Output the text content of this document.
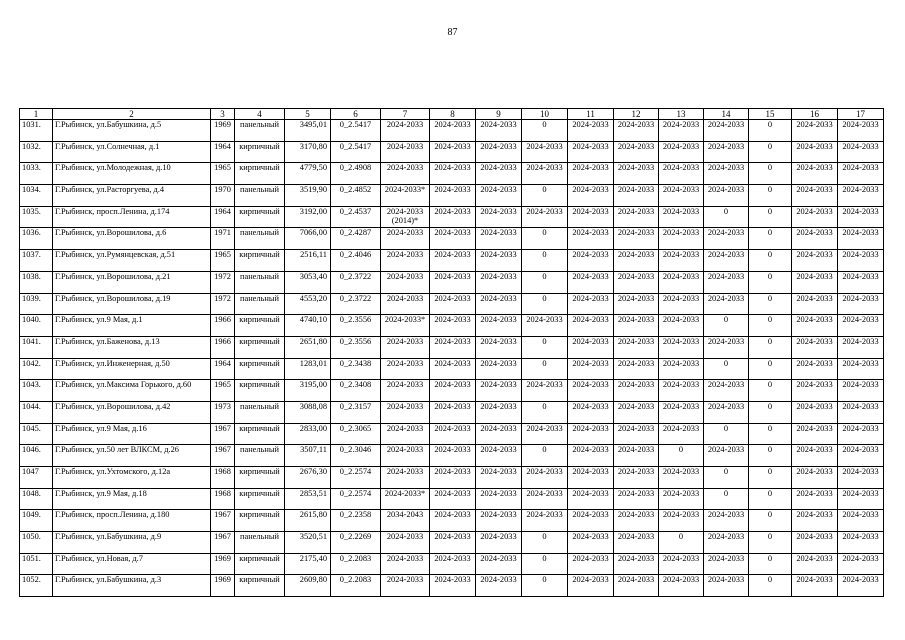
87
1	2	3	4	5	6	7	8	9	10	11	12	13	14	15	16	17
1031.	Г.Рыбинск, ул.Бабушкина, д.5	1969	панельный	3495,01	0_2.5417	2024-2033	2024-2033	2024-2033	0	2024-2033	2024-2033	2024-2033	2024-2033	0	2024-2033	2024-2033
1032.	Г.Рыбинск, ул.Солнечная, д.1	1964	кирпичный	3170,80	0_2.5417	2024-2033	2024-2033	2024-2033	2024-2033	2024-2033	2024-2033	2024-2033	2024-2033	0	2024-2033	2024-2033
1033.	Г.Рыбинск, ул.Молодежная, д.10	1965	кирпичный	4779,50	0_2.4908	2024-2033	2024-2033	2024-2033	2024-2033	2024-2033	2024-2033	2024-2033	2024-2033	0	2024-2033	2024-2033
1034.	Г.Рыбинск, ул.Расторгуева, д.4	1970	панельный	3519,90	0_2.4852	2024-2033*	2024-2033	2024-2033	0	2024-2033	2024-2033	2024-2033	2024-2033	0	2024-2033	2024-2033
1035.	Г.Рыбинск, просп.Ленина, д.174	1964	кирпичный	3192,00	0_2.4537	2024-2033 (2014)*	2024-2033	2024-2033	2024-2033	2024-2033	2024-2033	2024-2033	0	0	2024-2033	2024-2033
1036.	Г.Рыбинск, ул.Ворошилова, д.6	1971	панельный	7066,00	0_2.4287	2024-2033	2024-2033	2024-2033	0	2024-2033	2024-2033	2024-2033	2024-2033	0	2024-2033	2024-2033
1037.	Г.Рыбинск, ул.Румянцевская, д.51	1965	кирпичный	2516,11	0_2.4046	2024-2033	2024-2033	2024-2033	0	2024-2033	2024-2033	2024-2033	2024-2033	0	2024-2033	2024-2033
1038.	Г.Рыбинск, ул.Ворошилова, д.21	1972	панельный	3053,40	0_2.3722	2024-2033	2024-2033	2024-2033	0	2024-2033	2024-2033	2024-2033	2024-2033	0	2024-2033	2024-2033
1039.	Г.Рыбинск, ул.Ворошилова, д.19	1972	панельный	4553,20	0_2.3722	2024-2033	2024-2033	2024-2033	0	2024-2033	2024-2033	2024-2033	2024-2033	0	2024-2033	2024-2033
1040.	Г.Рыбинск, ул.9 Мая, д.1	1966	кирпичный	4740,10	0_2.3556	2024-2033*	2024-2033	2024-2033	2024-2033	2024-2033	2024-2033	2024-2033	0	0	2024-2033	2024-2033
1041.	Г.Рыбинск, ул.Баженова, д.13	1966	кирпичный	2651,80	0_2.3556	2024-2033	2024-2033	2024-2033	0	2024-2033	2024-2033	2024-2033	2024-2033	0	2024-2033	2024-2033
1042.	Г.Рыбинск, ул.Инженерная, д.50	1964	кирпичный	1283,01	0_2.3438	2024-2033	2024-2033	2024-2033	0	2024-2033	2024-2033	2024-2033	0	0	2024-2033	2024-2033
1043.	Г.Рыбинск, ул.Максима Горького, д.60	1965	кирпичный	3195,00	0_2.3408	2024-2033	2024-2033	2024-2033	2024-2033	2024-2033	2024-2033	2024-2033	2024-2033	0	2024-2033	2024-2033
1044.	Г.Рыбинск, ул.Ворошилова, д.42	1973	панельный	3088,08	0_2.3157	2024-2033	2024-2033	2024-2033	0	2024-2033	2024-2033	2024-2033	2024-2033	0	2024-2033	2024-2033
1045.	Г.Рыбинск, ул.9 Мая, д.16	1967	кирпичный	2833,00	0_2.3065	2024-2033	2024-2033	2024-2033	2024-2033	2024-2033	2024-2033	2024-2033	0	0	2024-2033	2024-2033
1046.	Г.Рыбинск, ул.50 лет ВЛКСМ, д.26	1967	панельный	3507,11	0_2.3046	2024-2033	2024-2033	2024-2033	0	2024-2033	2024-2033	0	2024-2033	0	2024-2033	2024-2033
1047	Г.Рыбинск, ул.Ухтомского, д.12а	1968	кирпичный	2676,30	0_2.2574	2024-2033	2024-2033	2024-2033	2024-2033	2024-2033	2024-2033	2024-2033	0	0	2024-2033	2024-2033
1048.	Г.Рыбинск, ул.9 Мая, д.18	1968	кирпичный	2853,51	0_2.2574	2024-2033*	2024-2033	2024-2033	2024-2033	2024-2033	2024-2033	2024-2033	0	0	2024-2033	2024-2033
1049.	Г.Рыбинск, просп.Ленина, д.180	1967	кирпичный	2615,80	0_2.2358	2034-2043	2024-2033	2024-2033	2024-2033	2024-2033	2024-2033	2024-2033	2024-2033	0	2024-2033	2024-2033
1050.	Г.Рыбинск, ул.Бабушкина, д.9	1967	панельный	3520,51	0_2.2269	2024-2033	2024-2033	2024-2033	0	2024-2033	2024-2033	0	2024-2033	0	2024-2033	2024-2033
1051.	Г.Рыбинск, ул.Новая, д.7	1969	кирпичный	2175,40	0_2.2083	2024-2033	2024-2033	2024-2033	0	2024-2033	2024-2033	2024-2033	2024-2033	0	2024-2033	2024-2033
1052.	Г.Рыбинск, ул.Бабушкина, д.3	1969	кирпичный	2609,80	0_2.2083	2024-2033	2024-2033	2024-2033	0	2024-2033	2024-2033	2024-2033	2024-2033	0	2024-2033	2024-2033
